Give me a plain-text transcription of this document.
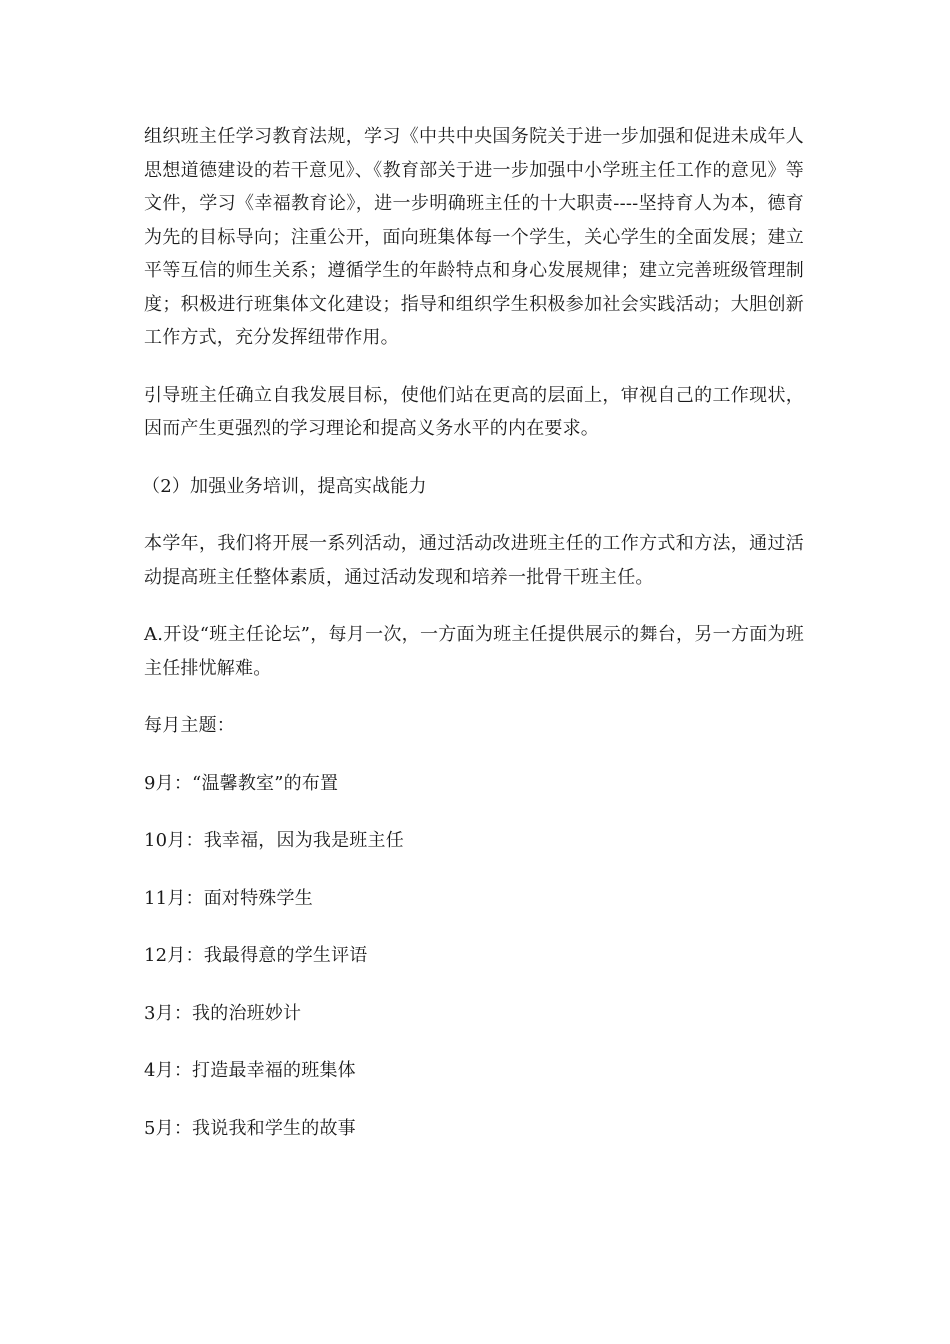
组织班主任学习教育法规，学习《中共中央国务院关于进一步加强和促进未成年人思想道德建设的若干意见》、《教育部关于进一步加强中小学班主任工作的意见》等文件，学习《幸福教育论》，进一步明确班主任的十大职责----坚持育人为本，德育为先的目标导向；注重公开，面向班集体每一个学生，关心学生的全面发展；建立平等互信的师生关系；遵循学生的年龄特点和身心发展规律；建立完善班级管理制度；积极进行班集体文化建设；指导和组织学生积极参加社会实践活动；大胆创新工作方式，充分发挥纽带作用。

引导班主任确立自我发展目标，使他们站在更高的层面上，审视自己的工作现状，因而产生更强烈的学习理论和提高义务水平的内在要求。

（2）加强业务培训，提高实战能力

本学年，我们将开展一系列活动，通过活动改进班主任的工作方式和方法，通过活动提高班主任整体素质，通过活动发现和培养一批骨干班主任。

A.开设“班主任论坛”，每月一次，一方面为班主任提供展示的舞台，另一方面为班主任排忧解难。

每月主题：

9月：“温馨教室”的布置

10月：我幸福，因为我是班主任

11月：面对特殊学生

12月：我最得意的学生评语

3月：我的治班妙计

4月：打造最幸福的班集体

5月：我说我和学生的故事
